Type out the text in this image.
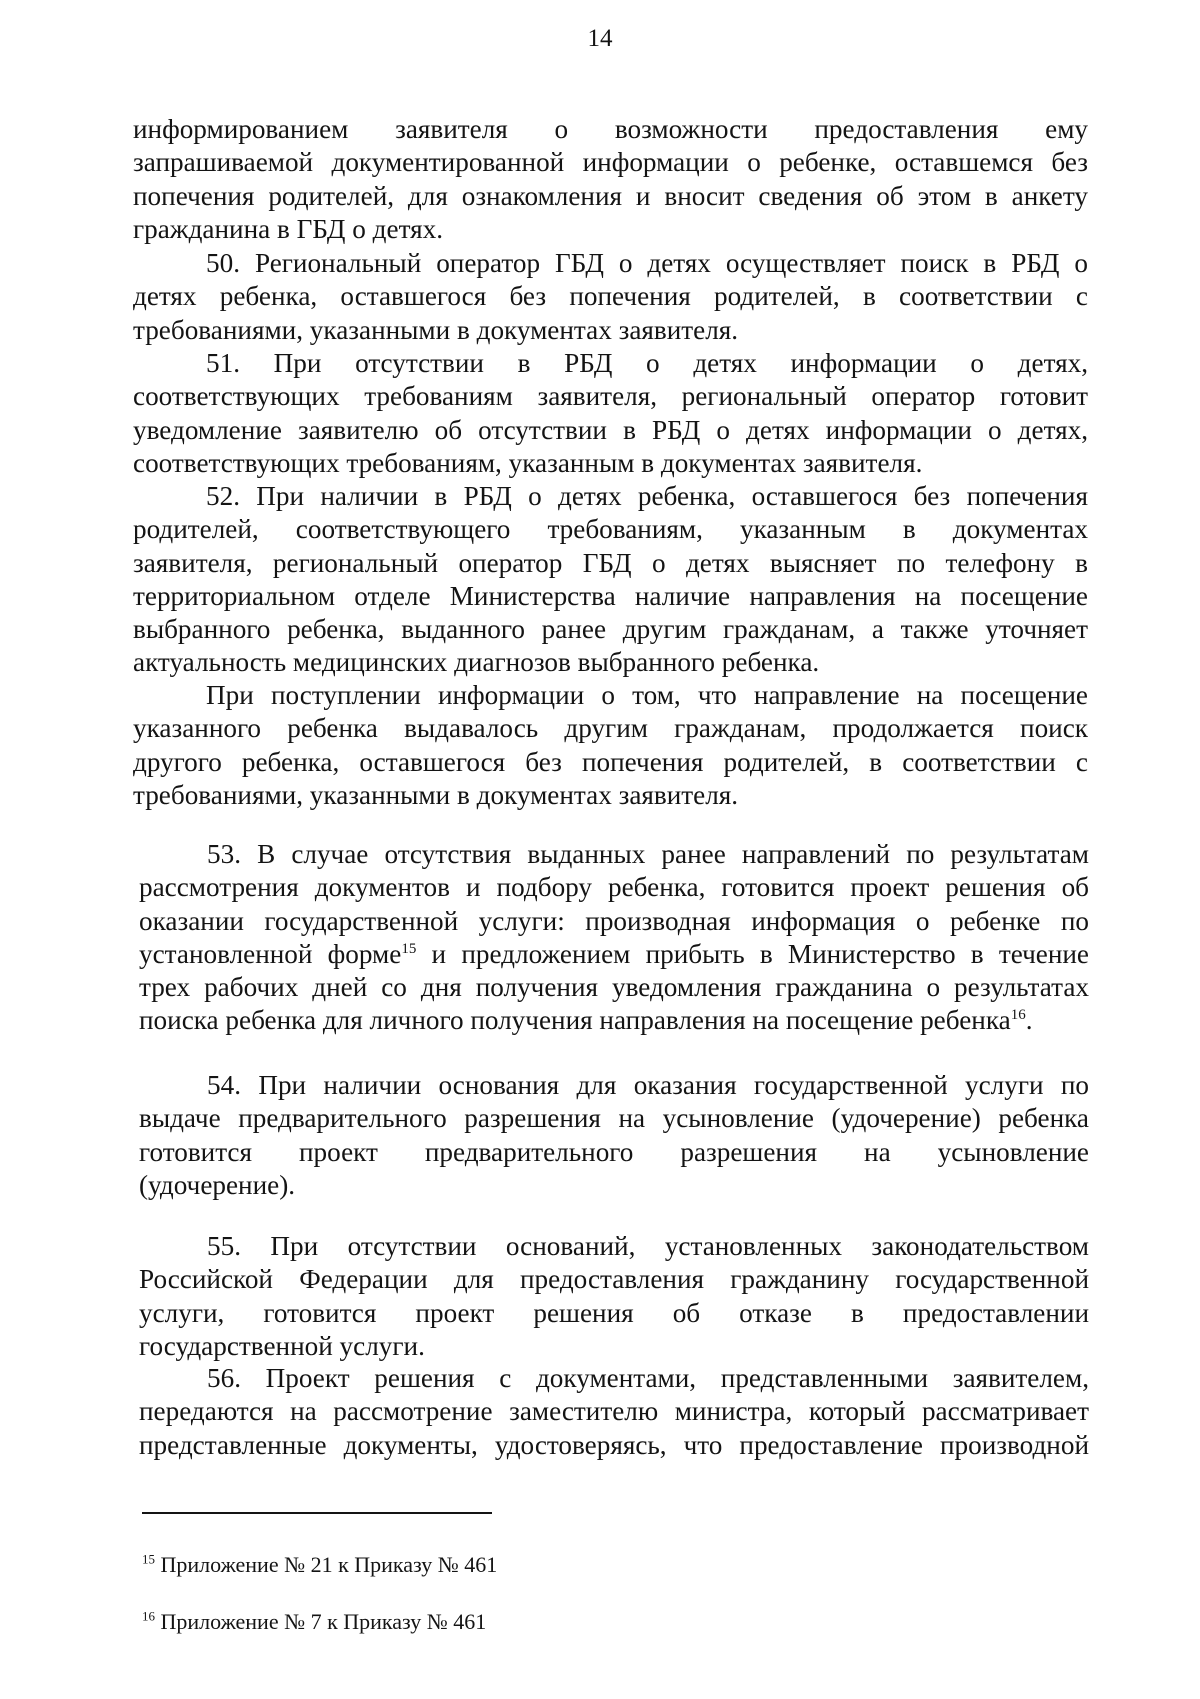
14
информированием заявителя о возможности предоставления ему
запрашиваемой документированной информации о ребенке, оставшемся без
попечения родителей, для ознакомления и вносит сведения об этом в анкету
гражданина в ГБД о детях.
50. Региональный оператор ГБД о детях осуществляет поиск в РБД о
детях ребенка, оставшегося без попечения родителей, в соответствии с
требованиями, указанными в документах заявителя.
51. При отсутствии в РБД о детях информации о детях,
соответствующих требованиям заявителя, региональный оператор готовит
уведомление заявителю об отсутствии в РБД о детях информации о детях,
соответствующих требованиям, указанным в документах заявителя.
52. При наличии в РБД о детях ребенка, оставшегося без попечения
родителей, соответствующего требованиям, указанным в документах
заявителя, региональный оператор ГБД о детях выясняет по телефону в
территориальном отделе Министерства наличие направления на посещение
выбранного ребенка, выданного ранее другим гражданам, а также уточняет
актуальность медицинских диагнозов выбранного ребенка.
При поступлении информации о том, что направление на посещение
указанного ребенка выдавалось другим гражданам, продолжается поиск
другого ребенка, оставшегося без попечения родителей, в соответствии с
требованиями, указанными в документах заявителя.
53. В случае отсутствия выданных ранее направлений по результатам
рассмотрения документов и подбору ребенка, готовится проект решения об
оказании государственной услуги: производная информация о ребенке по
установленной форме$^{15}$ и предложением прибыть в Министерство в течение
трех рабочих дней со дня получения уведомления гражданина о результатах
поиска ребенка для личного получения направления на посещение ребенка$^{16}$.
54. При наличии основания для оказания государственной услуги по
выдаче предварительного разрешения на усыновление (удочерение) ребенка
готовится проект предварительного разрешения на усыновление
(удочерение).
55. При отсутствии оснований, установленных законодательством
Российской Федерации для предоставления гражданину государственной
услуги, готовится проект решения об отказе в предоставлении
государственной услуги.
56. Проект решения с документами, представленными заявителем,
передаются на рассмотрение заместителю министра, который рассматривает
представленные документы, удостоверяясь, что предоставление производной
$^{15}$ Приложение № 21 к Приказу № 461
$^{16}$ Приложение № 7 к Приказу № 461
